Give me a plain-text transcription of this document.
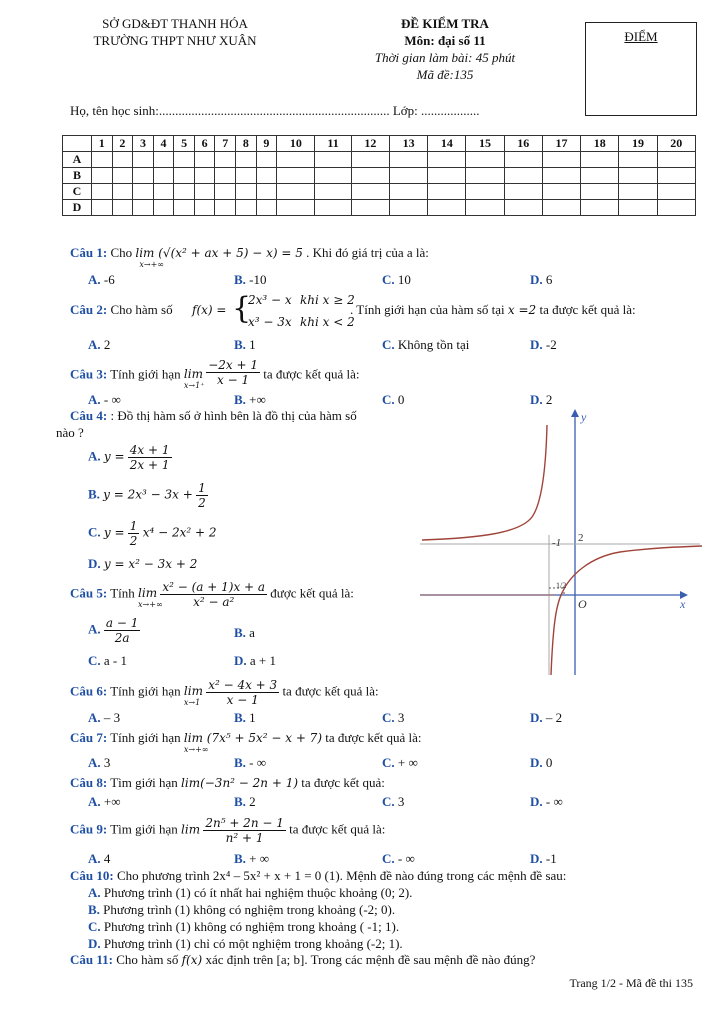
SỞ GD&ĐT THANH HÓA
TRƯỜNG THPT NHƯ XUÂN
ĐỀ KIỂM TRA
Môn: đại số 11
Thời gian làm bài: 45 phút
Mã đề:135
ĐIỂM
Họ, tên học sinh:....................................................................... Lớp: ..................
	1	2	3	4	5	6	7	8	9	10	11	12	13	14	15	16	17	18	19	20
A																				
B																				
C																				
D																				
Câu 1: Cho lim (√(x² + ax + 5) − x) = 5
x→+∞
. Khi đó giá trị của a là:
A. -6	B. -10	C. 10	D. 6
Câu 2: Cho hàm số f(x) = {
2x³ − x khi x ≥ 2
x³ − 3x khi x < 2
. Tính giới hạn của hàm số tại x =2 ta được kết quả là:
A. 2	B. 1	C. Không tồn tại	D. -2
Câu 3: Tính giới hạn lim
x→1⁺
$\frac{-2x + 1}{x - 1}$ ta được kết quả là:
A. - ∞	B. +∞	C. 0	D. 2
Câu 4: : Đồ thị hàm số ở hình bên là đồ thị của hàm số
nào ?
A. $y = \frac{4x + 1}{2x + 1}$
B. $y = 2x^3 - 3x + \frac{1}{2}$
C. $y = \frac{1}{2} x^4 - 2x^2 + 2$
D. y = x² − 3x + 2
y
x
O
2
-1
1/2
Câu 5: Tính lim
x→+∞

$\frac{\text{x² − (a + 1)x + a}}{\text{x² − a²}}$ được kết quả là:
A. $\frac{a - 1}{2a}$	B. a
C. a - 1	D. a + 1
Câu 6: Tính giới hạn lim
x→1
$\frac{\text{x² − 4x + 3}}{x - 1}$ ta được kết quả là:
A. – 3	B. 1	C. 3	D. – 2
Câu 7: Tính giới hạn lim (7x⁵ + 5x² − x + 7)
x→+∞
ta được kết quả là:
A. 3	B. - ∞	C. + ∞	D. 0
Câu 8: Tìm giới hạn lim(−3n² − 2n + 1) ta được kết quả:
A. +∞	B. 2	C. 3	D. - ∞
Câu 9: Tìm giới hạn $\lim \frac{\text{2n⁵ + 2n − 1}}{\text{n² + 1}}$ ta được kết quả là:
A. 4	B. + ∞	C. - ∞	D. -1
Câu 10: Cho phương trình 2x⁴ – 5x² + x + 1 = 0 (1). Mệnh đề nào đúng trong các mệnh đề sau:
A. Phương trình (1) có ít nhất hai nghiệm thuộc khoảng (0; 2).
B. Phương trình (1) không có nghiệm trong khoảng (-2; 0).
C. Phương trình (1) không có nghiệm trong khoảng ( -1; 1).
D. Phương trình (1) chỉ có một nghiệm trong khoảng (-2; 1).
Câu 11: Cho hàm số f(x) xác định trên [a; b]. Trong các mệnh đề sau mệnh đề nào đúng?
Trang 1/2 - Mã đề thi 135
